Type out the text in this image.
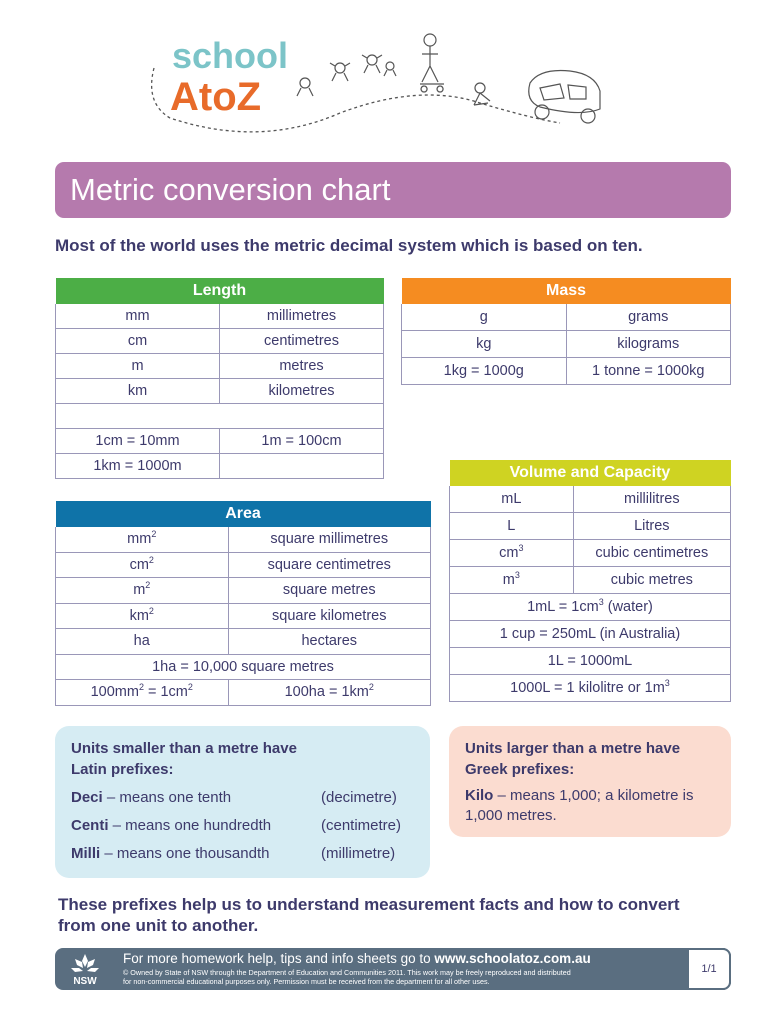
school
AtoZ
Metric conversion chart
Most of the world uses the metric decimal system which is based on ten.
Length	
mm	millimetres
cm	centimetres
m	metres
km	kilometres

1cm = 10mm	1m = 100cm
1km = 1000m	
Mass	
g	grams
kg	kilograms
1kg = 1000g	1 tonne = 1000kg
Area	
$mm^2$	square millimetres
$cm^2$	square centimetres
$m^2$	square metres
$km^2$	square kilometres
ha	hectares
1ha = 10,000 square metres	
$100mm^2 = 1cm^2$	$100ha = 1km^2$
Volume and Capacity	
mL	millilitres
L	Litres
$cm^3$	cubic centimetres
$m^3$	cubic metres
$1mL = 1cm^3$ (water)	
1 cup = 250mL (in Australia)	
1L = 1000mL	
1000L = 1 kilolitre or $1m^3$
Units smaller than a metre have
Latin prefixes:
Deci – means one tenth	(decimetre)
Centi – means one hundredth	(centimetre)
Milli – means one thousandth	(millimetre)
Units larger than a metre have
Greek prefixes:
Kilo – means 1,000; a kilometre is
1,000 metres.
These prefixes help us to understand measurement facts and how to convert
from one unit to another.
NSW
For more homework help, tips and info sheets go to www.schoolatoz.com.au
© Owned by State of NSW through the Department of Education and Communities 2011. This work may be freely reproduced and distributed
for non-commercial educational purposes only. Permission must be received from the department for all other uses.
1/1
